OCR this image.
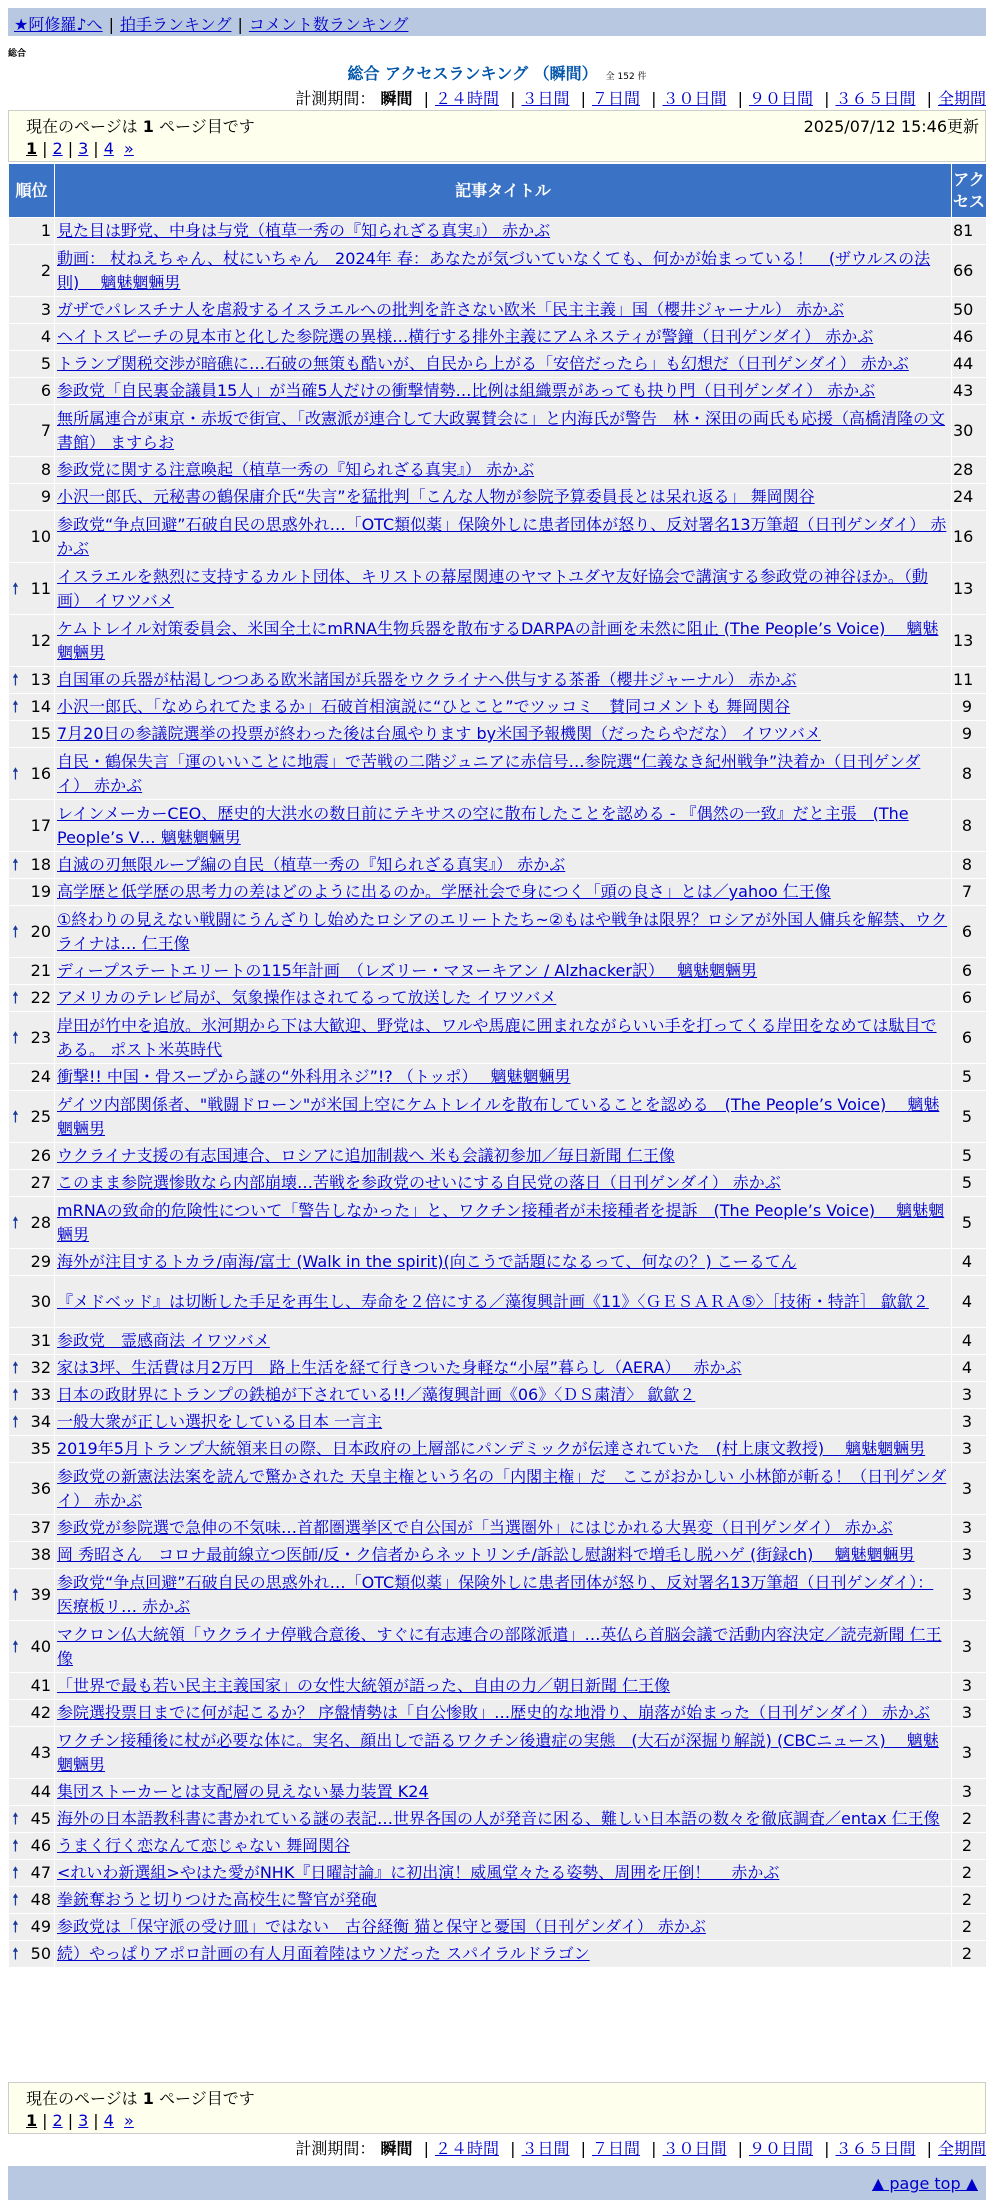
★阿修羅♪へ | 拍手ランキング | コメント数ランキング
総合
総合 アクセスランキング （瞬間） 全 152 件
計測期間： 瞬間 | ２４時間 | ３日間 | ７日間 | ３０日間 | ９０日間 | ３６５日間 | 全期間
現在のページは 1 ページ目です	2025/07/12 15:46更新
1 | 2 | 3 | 4 »
順位	記事タイトル	アクセス
1	見た目は野党、中身は与党（植草一秀の『知られざる真実』） 赤かぶ	81
2	動画： 杖ねえちゃん、杖にいちゃん　2024年 春：あなたが気づいていなくても、何かが始まっている！　(ザウルスの法則)　 魑魅魍魎男	66
3	ガザでパレスチナ人を虐殺するイスラエルへの批判を許さない欧米「民主主義」国（櫻井ジャーナル） 赤かぶ	50
4	ヘイトスピーチの見本市と化した参院選の異様…横行する排外主義にアムネスティが警鐘（日刊ゲンダイ） 赤かぶ	46
5	トランプ関税交渉が暗礁に…石破の無策も酷いが、自民から上がる「安倍だったら」も幻想だ（日刊ゲンダイ） 赤かぶ	44
6	参政党「自民裏金議員15人」が当確5人だけの衝撃情勢…比例は組織票があっても抉り門（日刊ゲンダイ） 赤かぶ	43
7	無所属連合が東京・赤坂で街宣、「改憲派が連合して大政翼賛会に」と内海氏が警告　林・深田の両氏も応援（高橋清隆の文書館） ますらお	30
8	参政党に関する注意喚起（植草一秀の『知られざる真実』） 赤かぶ	28
9	小沢一郎氏、元秘書の鶴保庸介氏“失言”を猛批判「こんな人物が参院予算委員長とは呆れ返る」 舞岡関谷	24
10	参政党“争点回避”石破自民の思惑外れ…「OTC類似薬」保険外しに患者団体が怒り、反対署名13万筆超（日刊ゲンダイ） 赤かぶ	16

🠕 11	イスラエルを熱烈に支持するカルト団体、キリストの幕屋関連のヤマトユダヤ友好協会で講演する参政党の神谷ほか。（動画） イワツバメ	13
12	ケムトレイル対策委員会、米国全土にmRNA生物兵器を散布するDARPAの計画を未然に阻止 (The People’s Voice)　 魑魅魍魎男	13

🠕 13	自国軍の兵器が枯渇しつつある欧米諸国が兵器をウクライナへ供与する茶番（櫻井ジャーナル） 赤かぶ	11

🠕 14	小沢一郎氏、「なめられてたまるか」石破首相演説に“ひとこと”でツッコミ　賛同コメントも 舞岡関谷	9
15	7月20日の参議院選挙の投票が終わった後は台風やります by米国予報機関（だったらやだな） イワツバメ	9

🠕 16	自民・鶴保失言「運のいいことに地震」で苦戦の二階ジュニアに赤信号…参院選“仁義なき紀州戦争”決着か（日刊ゲンダイ） 赤かぶ	8
17	レインメーカーCEO、歴史的大洪水の数日前にテキサスの空に散布したことを認める - 『偶然の一致』だと主張　(The People’s V… 魑魅魍魎男	8

🠕 18	自滅の刃無限ループ編の自民（植草一秀の『知られざる真実』） 赤かぶ	8
19	高学歴と低学歴の思考力の差はどのように出るのか。学歴社会で身につく「頭の良さ」とは／yahoo 仁王像	7

🠕 20	①終わりの見えない戦闘にうんざりし始めたロシアのエリートたち~②もはや戦争は限界？ロシアが外国人傭兵を解禁、ウクライナは… 仁王像	6
21	ディープステートエリートの115年計画　（レズリー・マヌーキアン / Alzhacker訳）　 魑魅魍魎男	6

🠕 22	アメリカのテレビ局が、気象操作はされてるって放送した イワツバメ	6

🠕 23	岸田が竹中を追放。氷河期から下は大歓迎、野党は、ワルや馬鹿に囲まれながらいい手を打ってくる岸田をなめては駄目である。 ポスト米英時代	6
24	衝撃!! 中国・骨スープから謎の“外科用ネジ”!? （トッポ）　 魑魅魍魎男	5

🠕 25	ゲイツ内部関係者、"戦闘ドローン"が米国上空にケムトレイルを散布していることを認める　(The People’s Voice)　 魑魅魍魎男	5
26	ウクライナ支援の有志国連合、ロシアに追加制裁へ 米も会議初参加／毎日新聞 仁王像	5
27	このまま参院選惨敗なら内部崩壊…苦戦を参政党のせいにする自民党の落日（日刊ゲンダイ） 赤かぶ	5

🠕 28	mRNAの致命的危険性について「警告しなかった」と、ワクチン接種者が未接種者を提訴　(The People’s Voice)　 魑魅魍魎男	5
29	海外が注目するトカラ/南海/富士 (Walk in the spirit)(向こうで話題になるって、何なの？) こーるてん	4
30	『メドベッド』は切断した手足を再生し、寿命を２倍にする／藻復興計画《11》〈ＧＥＳＡＲＡ⑤〉［技術・特許］ 歙歙２	4
31	参政党　霊感商法 イワツバメ	4

🠕 32	家は3坪、生活費は月2万円　路上生活を経て行きついた身軽な“小屋”暮らし（AERA）　 赤かぶ	4

🠕 33	日本の政財界にトランプの鉄槌が下されている!!／藻復興計画《06》〈ＤＳ粛清〉 歙歙２	3

🠕 34	一般大衆が正しい選択をしている日本 一言主	3
35	2019年5月トランプ大統領来日の際、日本政府の上層部にパンデミックが伝達されていた　(村上康文教授)　 魑魅魍魎男	3
36	参政党の新憲法法案を読んで驚かされた 天皇主権という名の「内閣主権」だ　ここがおかしい 小林節が斬る！（日刊ゲンダイ） 赤かぶ	3
37	参政党が参院選で急伸の不気味…首都圏選挙区で自公国が「当選圏外」にはじかれる大異変（日刊ゲンダイ） 赤かぶ	3
38	岡 秀昭さん　コロナ最前線立つ医師/反・ク信者からネットリンチ/訴訟し慰謝料で増毛し脱ハゲ (街録ch)　 魑魅魍魎男	3

🠕 39	参政党“争点回避”石破自民の思惑外れ…「OTC類似薬」保険外しに患者団体が怒り、反対署名13万筆超（日刊ゲンダイ）：医療板リ… 赤かぶ	3

🠕 40	マクロン仏大統領「ウクライナ停戦合意後、すぐに有志連合の部隊派遣」…英仏ら首脳会議で活動内容決定／読売新聞 仁王像	3
41	「世界で最も若い民主主義国家」の女性大統領が語った、自由の力／朝日新聞 仁王像	3
42	参院選投票日までに何が起こるか？ 序盤情勢は「自公惨敗」…歴史的な地滑り、崩落が始まった（日刊ゲンダイ） 赤かぶ	3
43	ワクチン接種後に杖が必要な体に。実名、顔出しで語るワクチン後遺症の実態　(大石が深掘り解説) (CBCニュース)　 魑魅魍魎男	3
44	集団ストーカーとは支配層の見えない暴力装置 K24	3

🠕 45	海外の日本語教科書に書かれている謎の表記…世界各国の人が発音に困る、難しい日本語の数々を徹底調査／entax 仁王像	2

🠕 46	うまく行く恋なんて恋じゃない 舞岡関谷	2

🠕 47	<れいわ新選組>やはた愛がNHK『日曜討論』に初出演！威風堂々たる姿勢、周囲を圧倒！　 赤かぶ	2

🠕 48	拳銃奪おうと切りつけた高校生に警官が発砲	2

🠕 49	参政党は「保守派の受け皿」ではない　古谷経衡 猫と保守と憂国（日刊ゲンダイ） 赤かぶ	2

🠕 50	続）やっぱりアポロ計画の有人月面着陸はウソだった スパイラルドラゴン	2
現在のページは 1 ページ目です
1 | 2 | 3 | 4 »
計測期間： 瞬間 | ２４時間 | ３日間 | ７日間 | ３０日間 | ９０日間 | ３６５日間 | 全期間
▲ page top ▲
